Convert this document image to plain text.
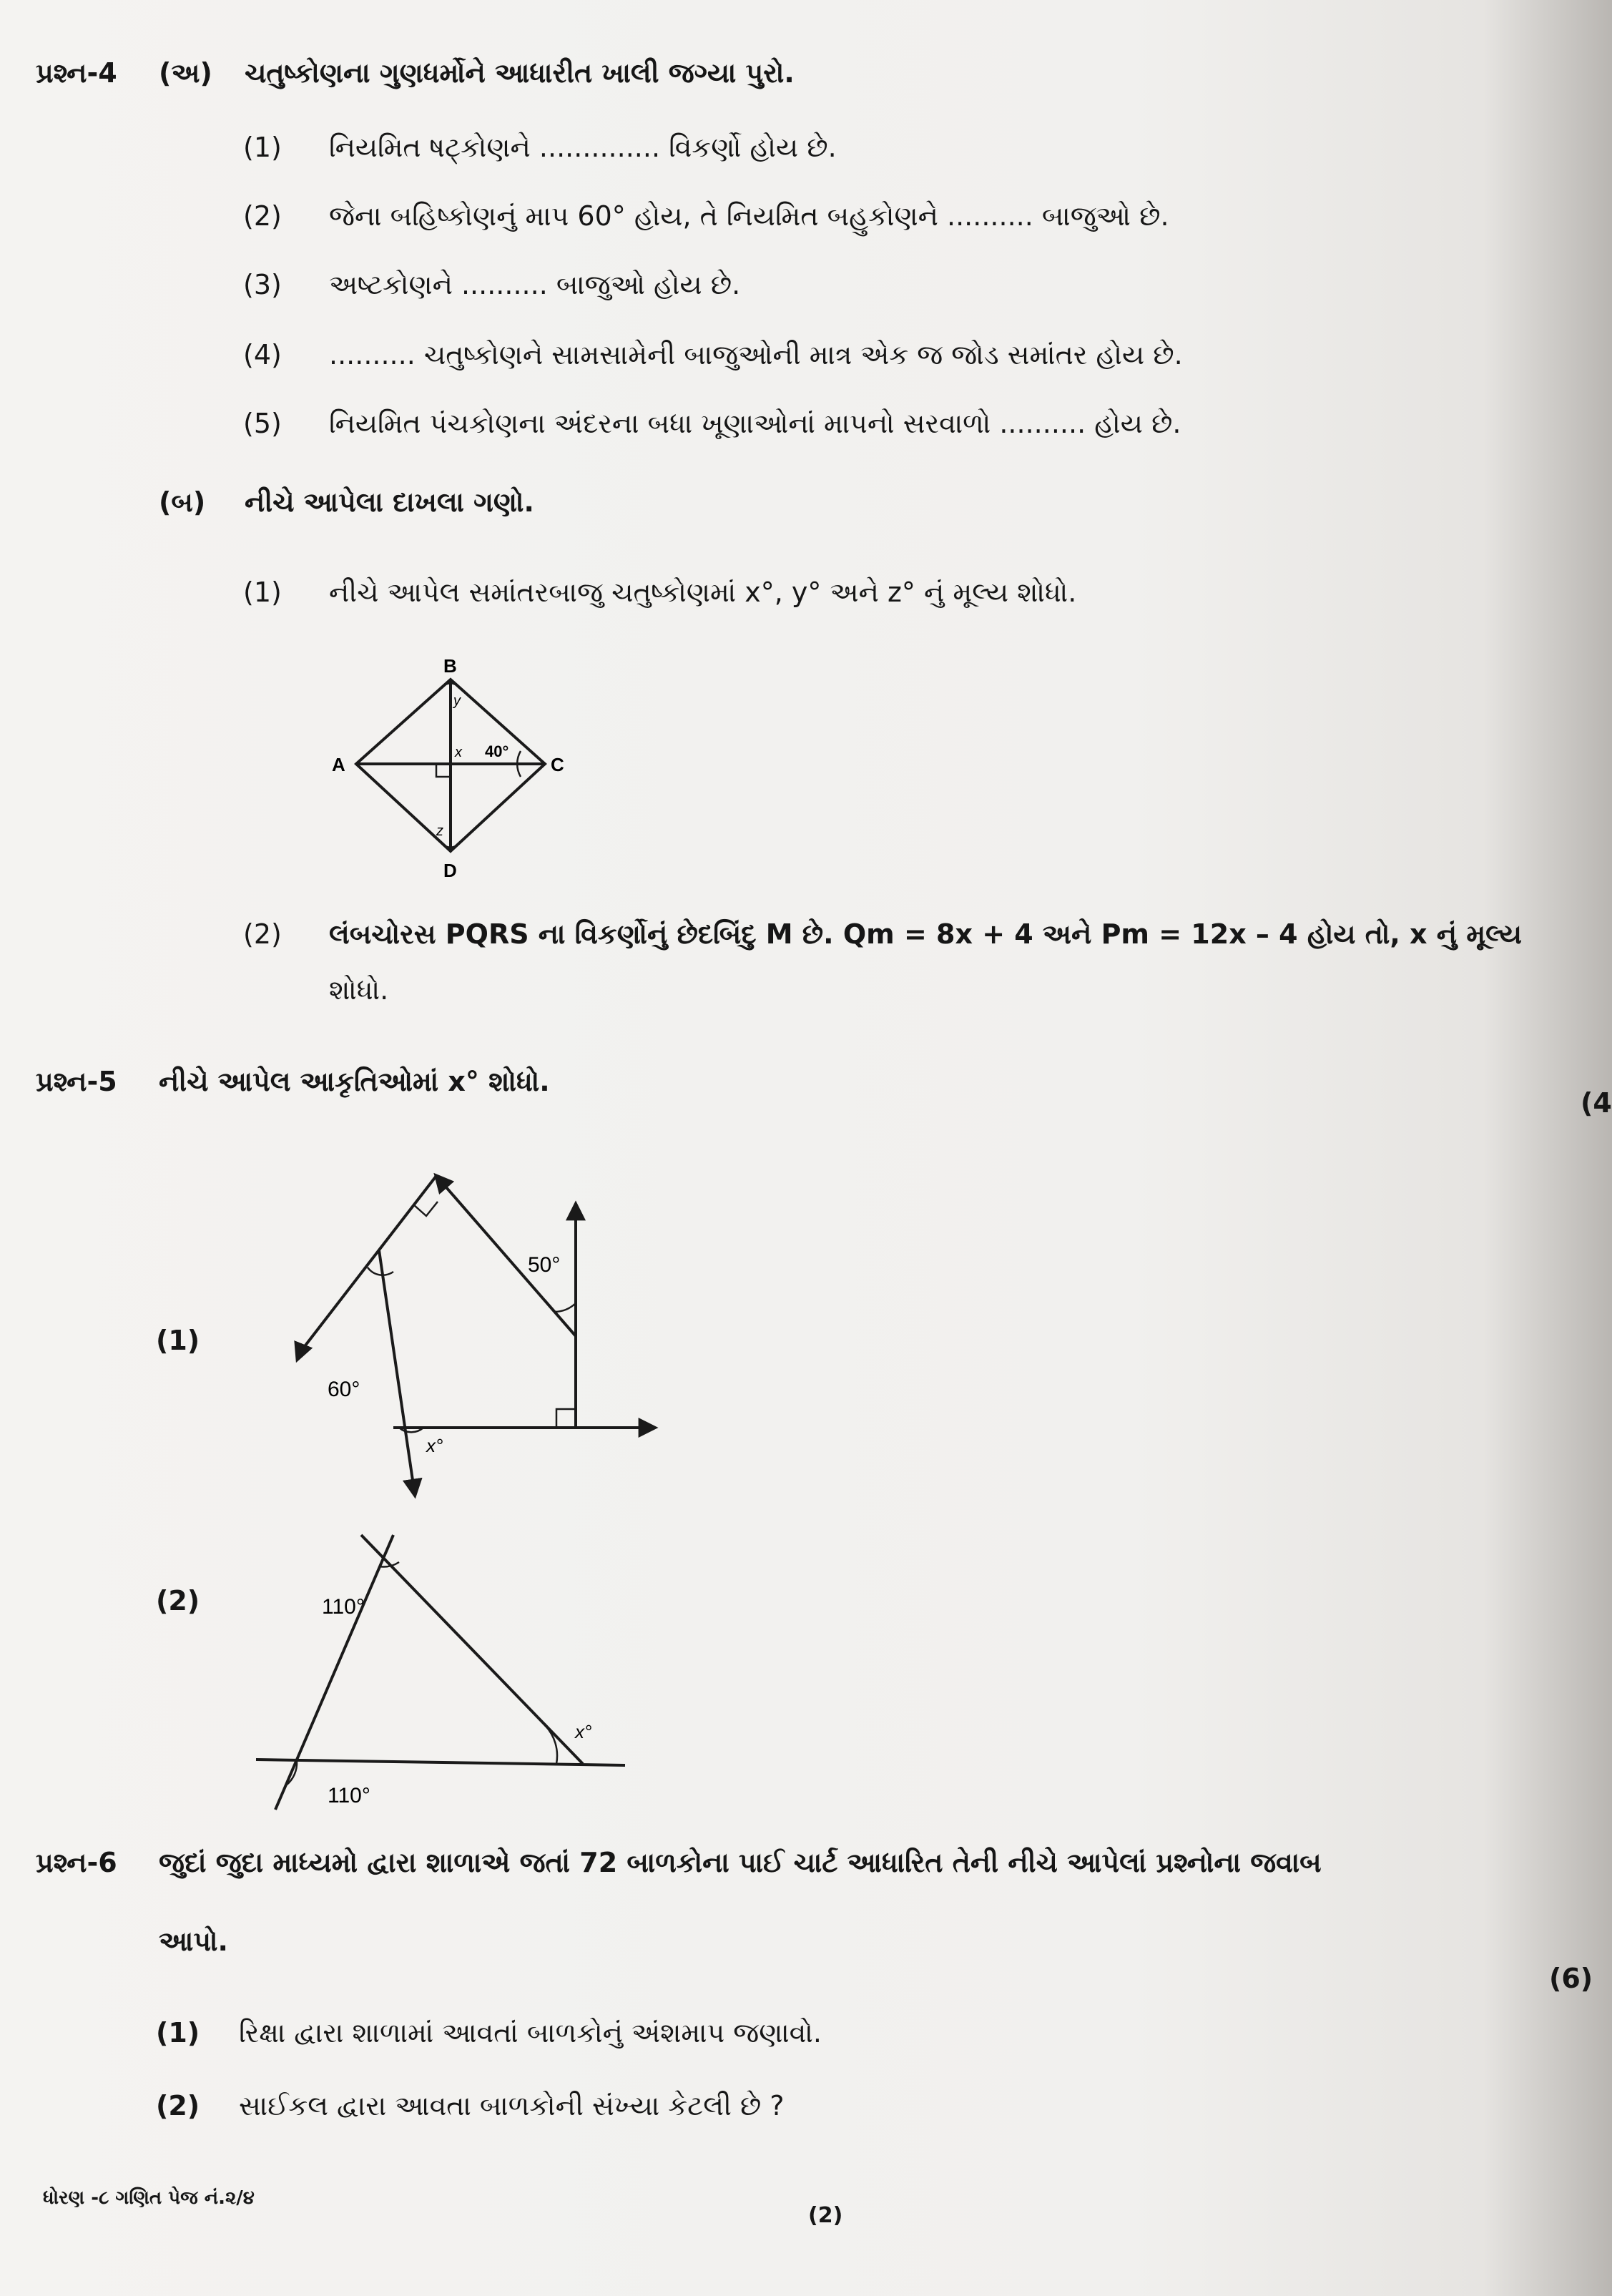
પ્રશ્ન-4 (અ) ચતુષ્કોણના ગુણધર્મોને આધારીત ખાલી જગ્યા પુરો.
(1) નિયમિત ષટ્કોણને .............. વિકર્ણો હોય છે.
(2) જેના બહિષ્કોણનું માપ 60° હોય, તે નિયમિત બહુકોણને .......... બાજુઓ છે.
(3) અષ્ટકોણને .......... બાજુઓ હોય છે.
(4) .......... ચતુષ્કોણને સામસામેની બાજુઓની માત્ર એક જ જોડ સમાંતર હોય છે.
(5) નિયમિત પંચકોણના અંદરના બધા ખૂણાઓનાં માપનો સરવાળો .......... હોય છે.
(બ) નીચે આપેલા દાખલા ગણો.
(1) નીચે આપેલ સમાંતરબાજુ ચતુષ્કોણમાં x°, y° અને z° નું મૂલ્ય શોધો.
B
A	C
D
40°
x
y
z
(2) લંબચોરસ PQRS ના વિકર્ણોનું છેદબિંદુ M છે. Qm = 8x + 4 અને Pm = 12x – 4 હોય તો, x નું મૂલ્ય
શોધો.
પ્રશ્ન-5 નીચે આપેલ આકૃતિઓમાં x° શોધો.
(4
(1)
50°
60°
x°
(2)	110°
110°
x°
પ્રશ્ન-6 જુદાં જુદા માધ્યમો દ્વારા શાળાએ જતાં 72 બાળકોના પાઈ ચાર્ટ આધારિત તેની નીચે આપેલાં પ્રશ્નોના જવાબ
આપો.
(6)
(1) રિક્ષા દ્વારા શાળામાં આવતાં બાળકોનું અંશમાપ જણાવો.
(2) સાઈકલ દ્વારા આવતા બાળકોની સંખ્યા કેટલી છે ?
ધોરણ -૮ ગણિત પેજ નં.૨/૪
(2)
